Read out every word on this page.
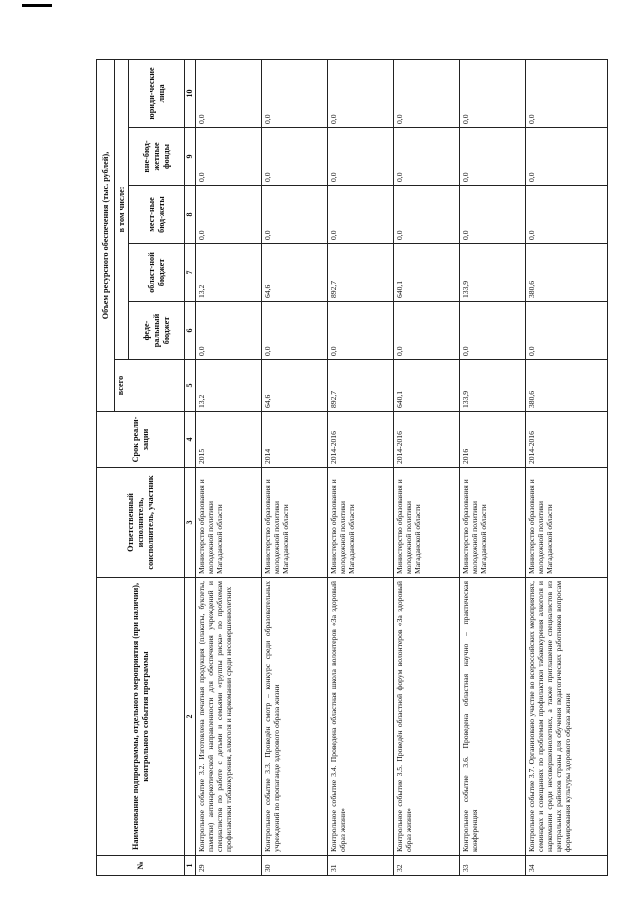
№	Наименование подпрограммы, отдельного мероприятия (при наличии), контрольного события программы	Ответственный исполнитель, соисполнитель, участник	Срок реали-зации	Объем ресурсного обеспечения (тыс. рублей),					
				всего	в том числе:				
					феде-ральный бюджет	област-ной бюджет	мест-ные бюд-жеты	вне-бюд-жетные фонды	юриди-ческие лица
1	2	3	4	5	6	7	8	9	10
29	Контрольное событие 3.2. Изготовлена печатная продукция (плакаты, буклеты, памятки) антинаркотической направленности для обеспечения учреждений и специалистов по работе с детьми и семьями «группы риска» по проблемам профилактики табакокурения, алкоголя и наркомании среди несовершеннолетних	Министерство образования и молодежной политики Магаданской области	2015	13,2	0,0	13,2	0,0	0,0	0,0
30	Контрольное событие 3.3. Проведён смотр – конкурс среди образовательных учреждений по пропаганде здорового образа жизни	Министерство образования и молодежной политики Магаданской области	2014	64,6	0,0	64,6	0,0	0,0	0,0
31	Контрольное событие 3.4. Проведена областная школа волонтеров «За здоровый образ жизни»	Министерство образования и молодежной политики Магаданской области	2014-2016	892,7	0,0	892,7	0,0	0,0	0,0
32	Контрольное событие 3.5. Проведён областной форум волонтеров «За здоровый образ жизни»	Министерство образования и молодежной политики Магаданской области	2014-2016	640,1	0,0	640,1	0,0	0,0	0,0
33	Контрольное событие 3.6. Проведена областная научно – практическая конференция	Министерство образования и молодежной политики Магаданской области	2016	133,9	0,0	133,9	0,0	0,0	0,0
34	Контрольное событие 3.7. Организовано участие во всероссийских мероприятиях, семинарах и совещаниях по проблемам профилактики табакокурения алкоголя и наркомании среди несовершеннолетних, а также приглашение специалистов из центральных районов страны для обучения педагогических работников вопросам формирования культуры здорового образа жизни	Министерство образования и молодежной политики Магаданской области	2014-2016	380,6	0,0	380,6	0,0	0,0	0,0
